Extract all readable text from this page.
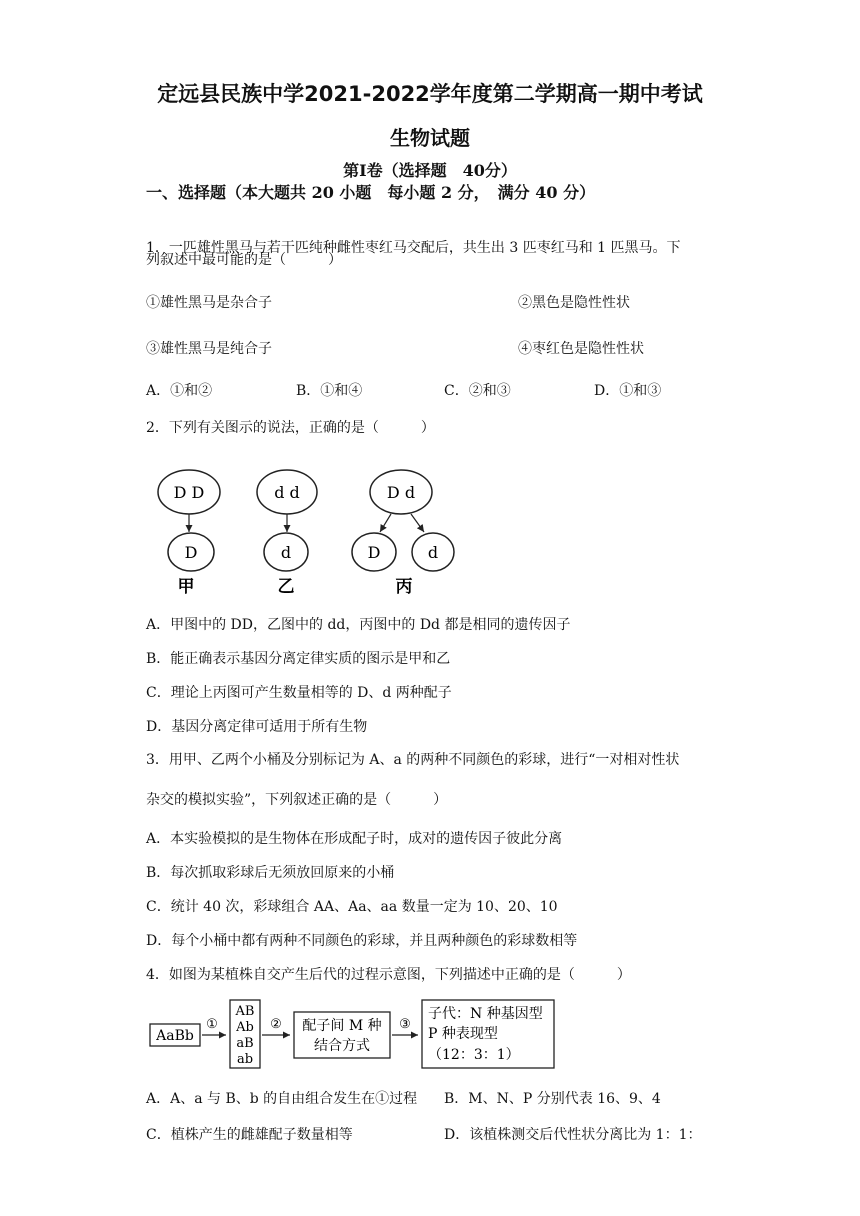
定远县民族中学2021-2022学年度第二学期高一期中考试
生物试题
第Ⅰ卷（选择题　40分）
一、选择题（本大题共 20 小题　每小题 2 分，　满分 40 分）
1．一匹雄性黑马与若干匹纯种雌性枣红马交配后，共生出 3 匹枣红马和 1 匹黑马。下
列叙述中最可能的是（　　　）
①雄性黑马是杂合子	②黑色是隐性性状
③雄性黑马是纯合子	④枣红色是隐性性状
A．①和②	B．①和④	C．②和③	D．①和③
2．下列有关图示的说法，正确的是（　　　）
D D
D
甲
d d
d
乙
D d
D	d
丙
A．甲图中的 DD，乙图中的 dd，丙图中的 Dd 都是相同的遗传因子
B．能正确表示基因分离定律实质的图示是甲和乙
C．理论上丙图可产生数量相等的 D、d 两种配子
D．基因分离定律可适用于所有生物
3．用甲、乙两个小桶及分别标记为 A、a 的两种不同颜色的彩球，进行“一对相对性状
杂交的模拟实验”，下列叙述正确的是（　　　）
A．本实验模拟的是生物体在形成配子时，成对的遗传因子彼此分离
B．每次抓取彩球后无须放回原来的小桶
C．统计 40 次，彩球组合 AA、Aa、aa 数量一定为 10、20、10
D．每个小桶中都有两种不同颜色的彩球，并且两种颜色的彩球数相等
4．如图为某植株自交产生后代的过程示意图，下列描述中正确的是（　　　）
AaBb
①
AB
Ab
aB
ab
② 配子间 M 种
结合方式
③
子代：N 种基因型
P 种表现型
（12：3：1）
A．A、a 与 B、b 的自由组合发生在①过程 B．M、N、P 分别代表 16、9、4
C．植株产生的雌雄配子数量相等	D．该植株测交后代性状分离比为 1：1：
